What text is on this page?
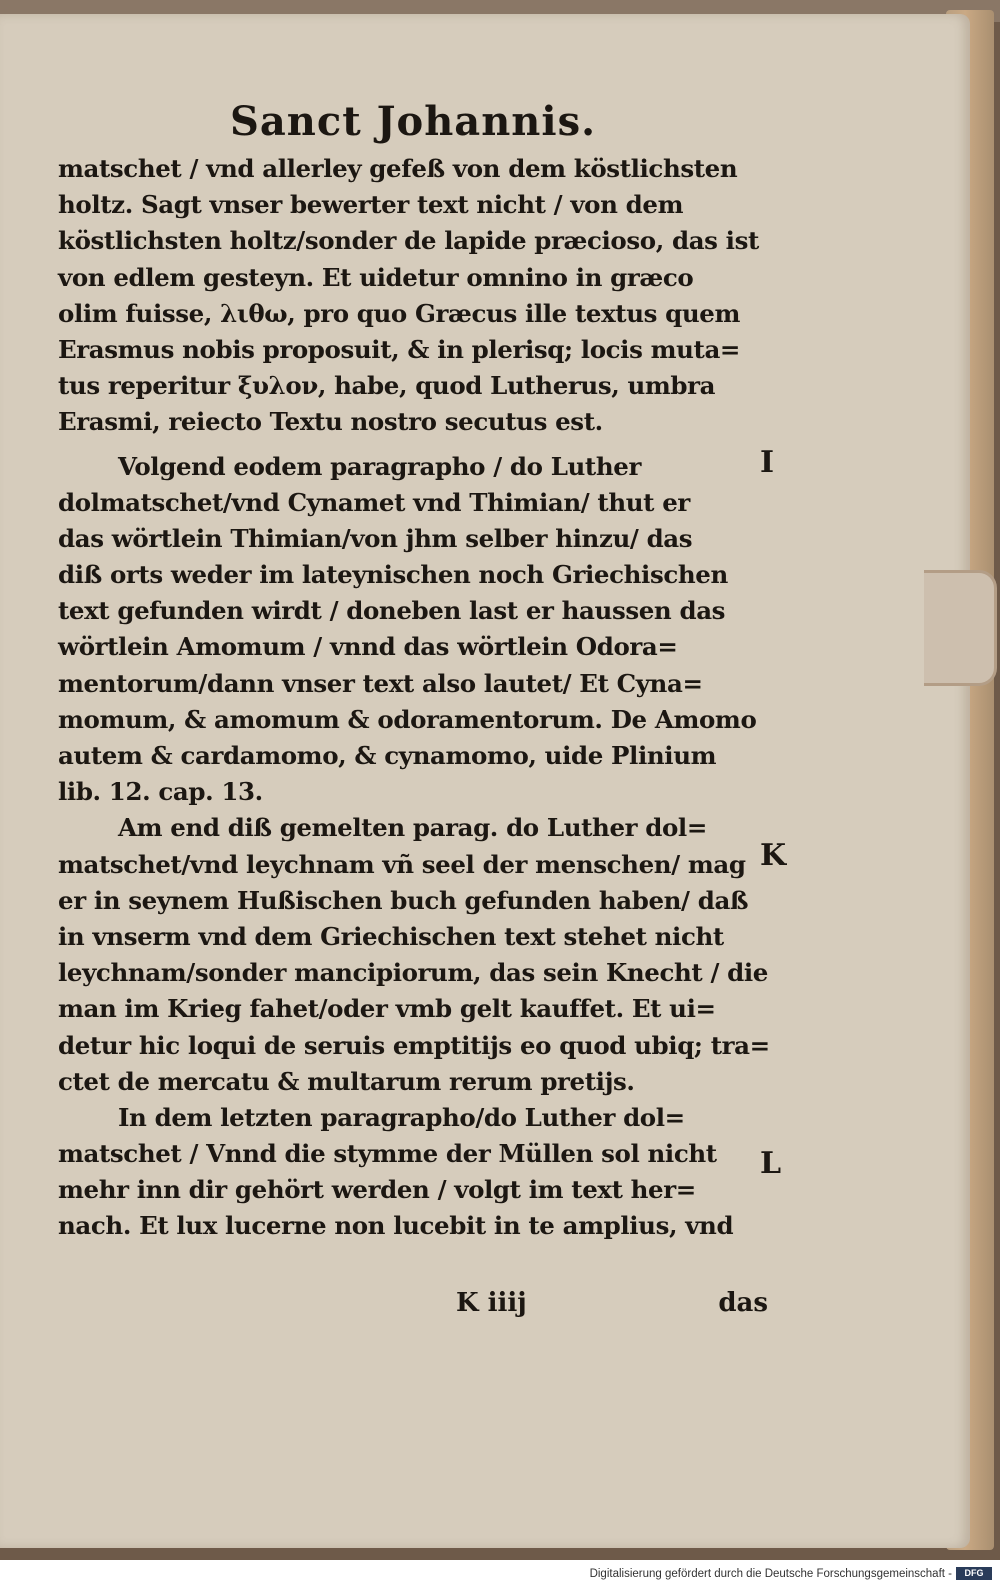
Sanct Johannis.
matschet / vnd allerley gefeß von dem köstlichsten
holtz. Sagt vnser bewerter text nicht / von dem
köstlichsten holtz/sonder de lapide præcioso, das ist
von edlem gesteyn. Et uidetur omnino in græco
olim fuisse, λιθω, pro quo Græcus ille textus quem
Erasmus nobis proposuit, & in plerisq; locis muta=
tus reperitur ξυλον, habe, quod Lutherus, umbra
Erasmi, reiecto Textu nostro secutus est.
Volgend eodem paragrapho / do Luther
dolmatschet/vnd Cynamet vnd Thimian/ thut er
das wörtlein Thimian/von jhm selber hinzu/ das
diß orts weder im lateynischen noch Griechischen
text gefunden wirdt / doneben last er haussen das
wörtlein Amomum / vnnd das wörtlein Odora=
mentorum/dann vnser text also lautet/ Et Cyna=
momum, & amomum & odoramentorum. De Amomo
autem & cardamomo, & cynamomo, uide Plinium
lib. 12. cap. 13.
Am end diß gemelten parag. do Luther dol=
matschet/vnd leychnam vñ seel der menschen/ mag
er in seynem Hußischen buch gefunden haben/ daß
in vnserm vnd dem Griechischen text stehet nicht
leychnam/sonder mancipiorum, das sein Knecht / die
man im Krieg fahet/oder vmb gelt kauffet. Et ui=
detur hic loqui de seruis emptitijs eo quod ubiq; tra=
ctet de mercatu & multarum rerum pretijs.
In dem letzten paragrapho/do Luther dol=
matschet / Vnnd die stymme der Müllen sol nicht
mehr inn dir gehört werden / volgt im text her=
nach. Et lux lucerne non lucebit in te amplius, vnd
I
K
L
K iiij	das
Digitalisierung gefördert durch die Deutsche Forschungsgemeinschaft -	DFG
